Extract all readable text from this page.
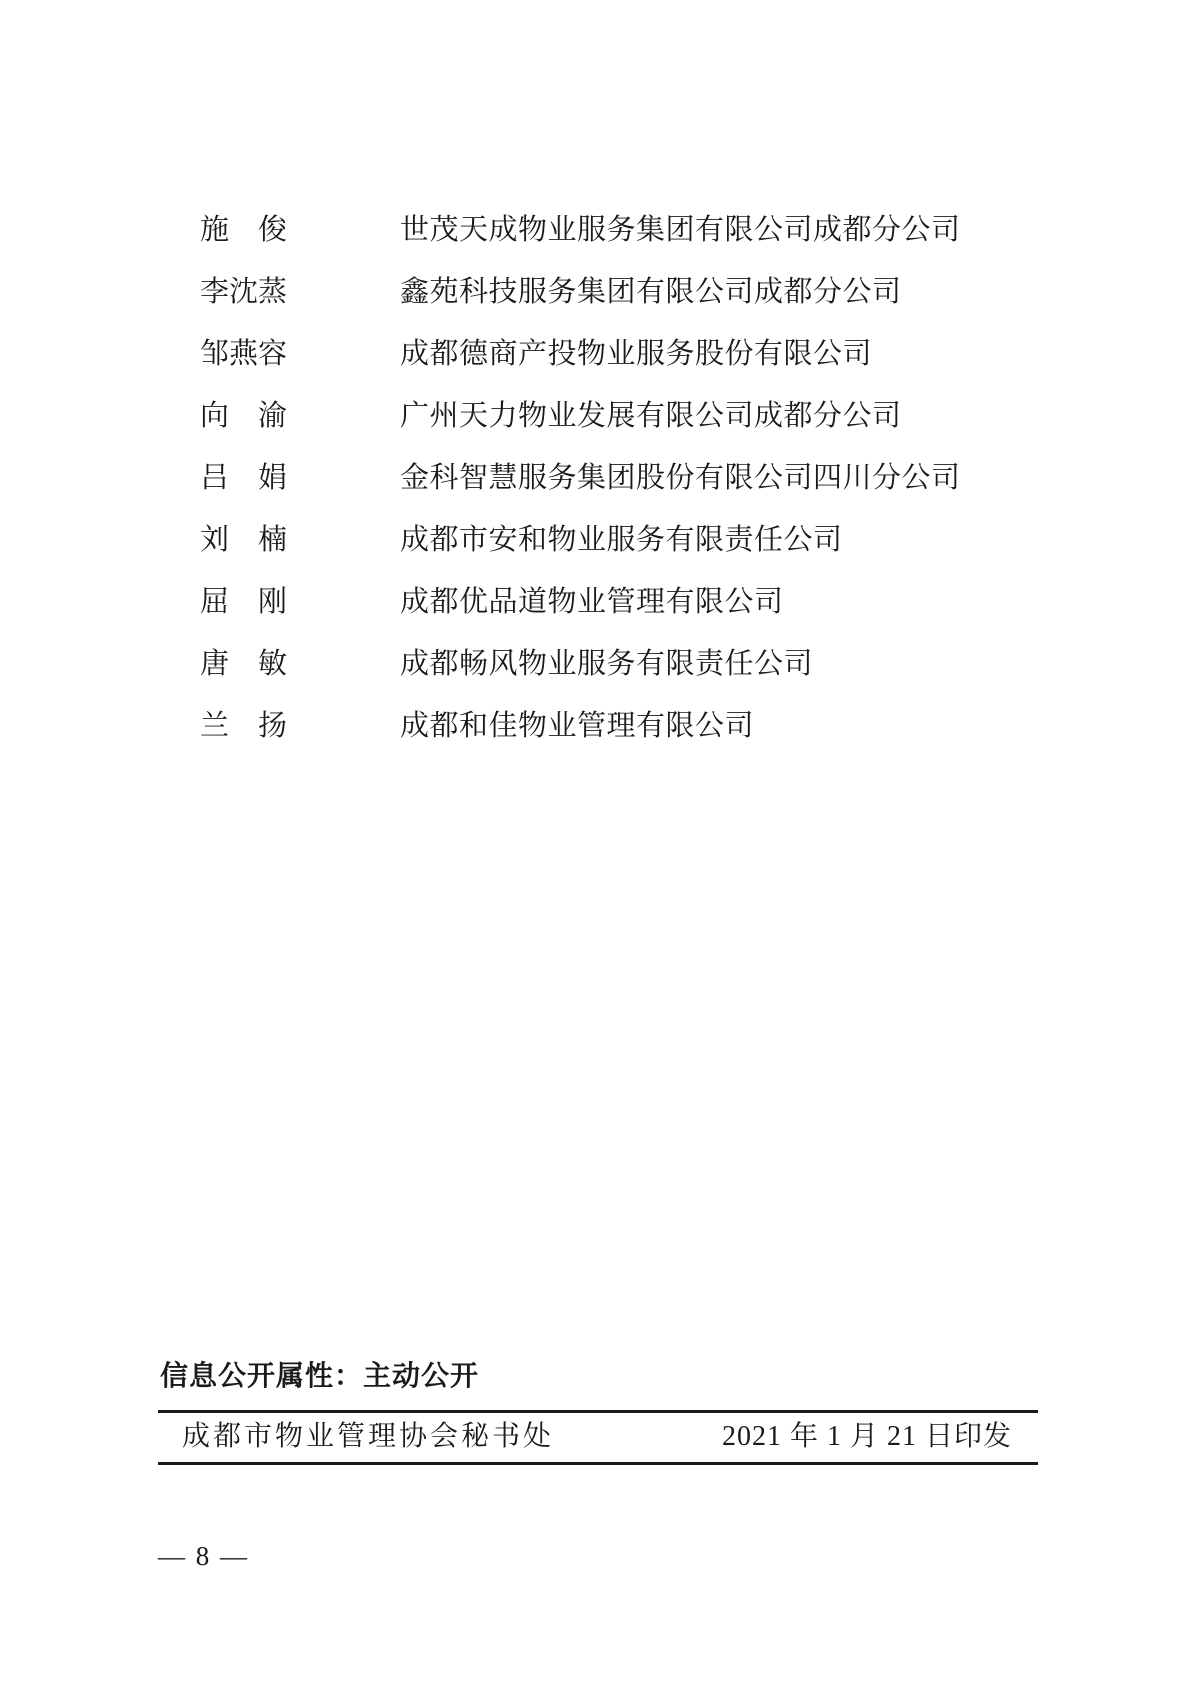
施　俊	世茂天成物业服务集团有限公司成都分公司
李沈蒸	鑫苑科技服务集团有限公司成都分公司
邹燕容	成都德商产投物业服务股份有限公司
向　渝	广州天力物业发展有限公司成都分公司
吕　娟	金科智慧服务集团股份有限公司四川分公司
刘　楠	成都市安和物业服务有限责任公司
屈　刚	成都优品道物业管理有限公司
唐　敏	成都畅风物业服务有限责任公司
兰　扬	成都和佳物业管理有限公司
信息公开属性：主动公开
成都市物业管理协会秘书处	2021 年 1 月 21 日印发
— 8 —
